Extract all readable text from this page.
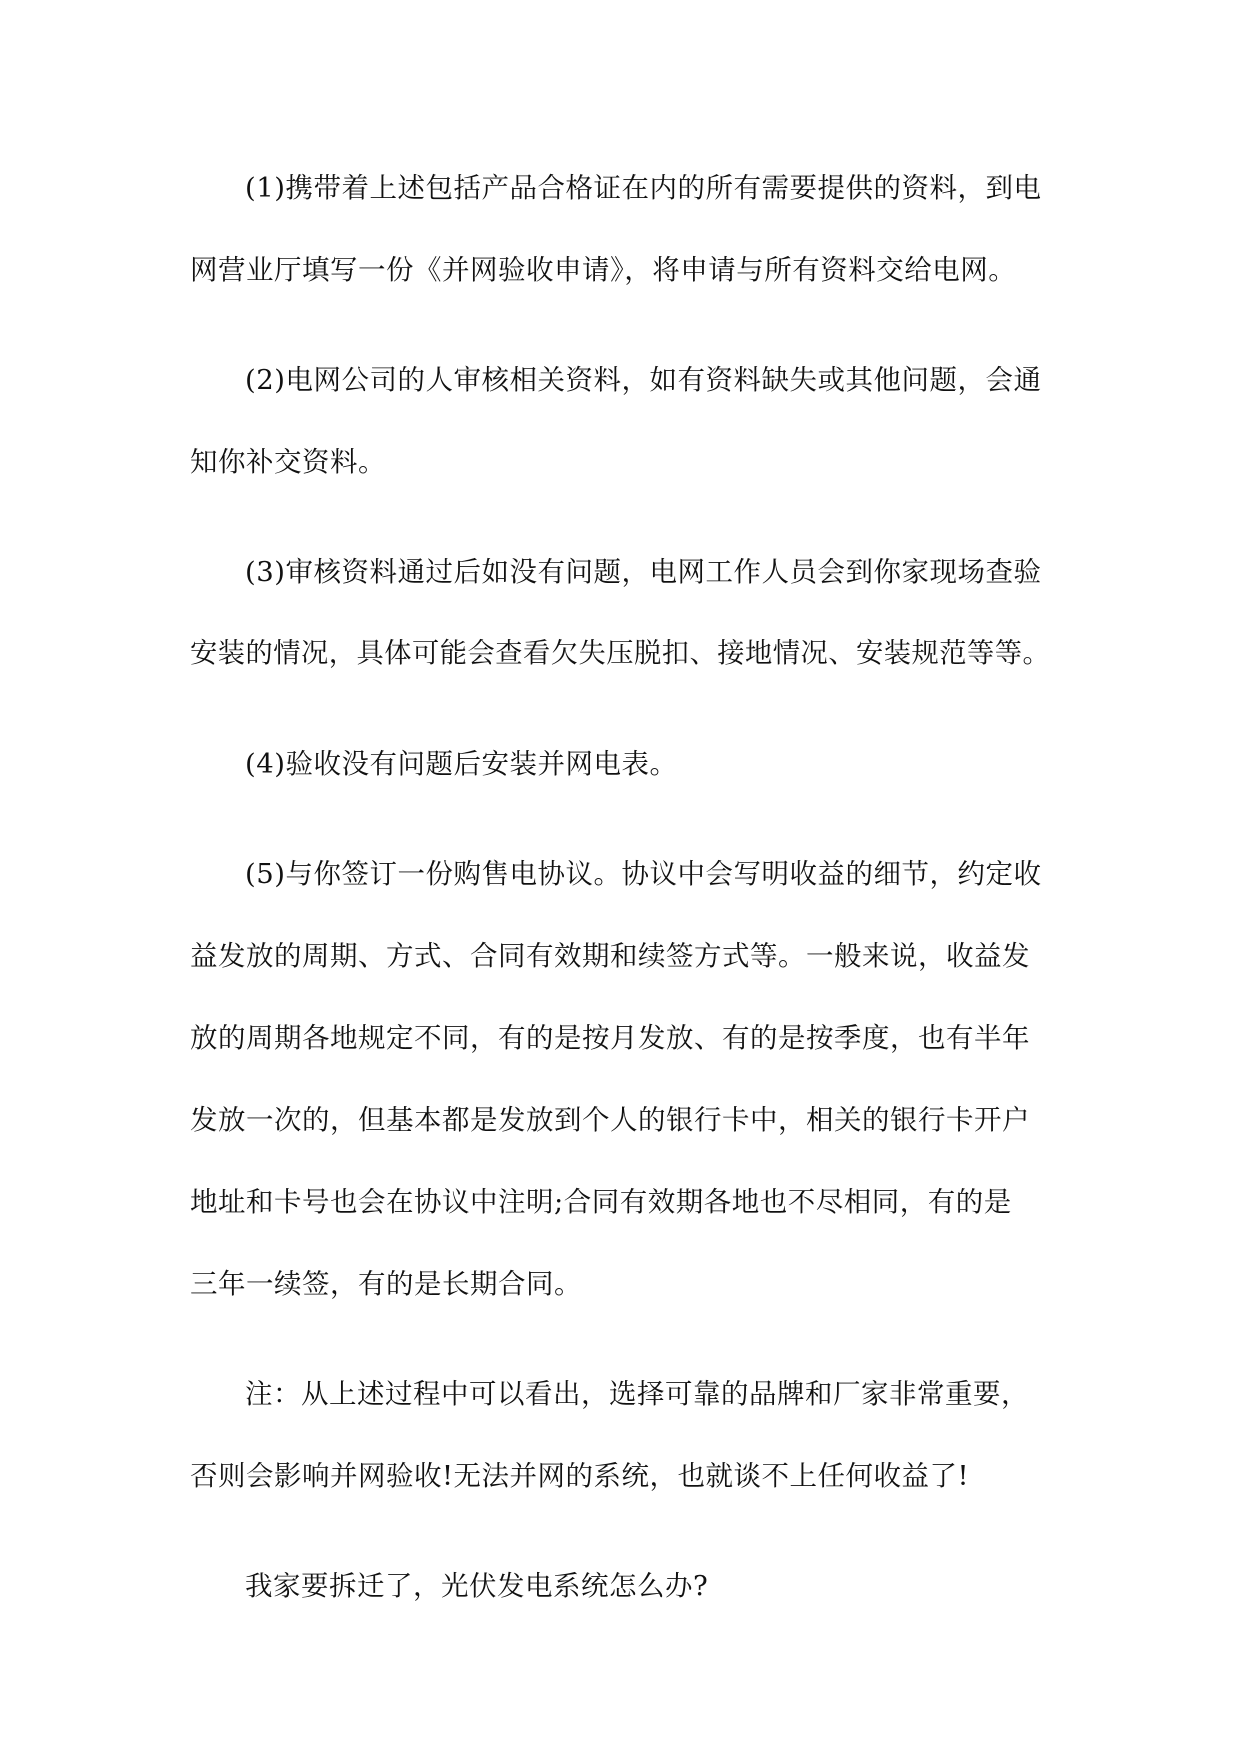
(1)携带着上述包括产品合格证在内的所有需要提供的资料，到电
网营业厅填写一份《并网验收申请》，将申请与所有资料交给电网。
(2)电网公司的人审核相关资料，如有资料缺失或其他问题，会通
知你补交资料。
(3)审核资料通过后如没有问题，电网工作人员会到你家现场查验
安装的情况，具体可能会查看欠失压脱扣、接地情况、安装规范等等。
(4)验收没有问题后安装并网电表。
(5)与你签订一份购售电协议。协议中会写明收益的细节，约定收
益发放的周期、方式、合同有效期和续签方式等。一般来说，收益发
放的周期各地规定不同，有的是按月发放、有的是按季度，也有半年
发放一次的，但基本都是发放到个人的银行卡中，相关的银行卡开户
地址和卡号也会在协议中注明;合同有效期各地也不尽相同，有的是
三年一续签，有的是长期合同。
注：从上述过程中可以看出，选择可靠的品牌和厂家非常重要，
否则会影响并网验收!无法并网的系统，也就谈不上任何收益了!
我家要拆迁了，光伏发电系统怎么办?
